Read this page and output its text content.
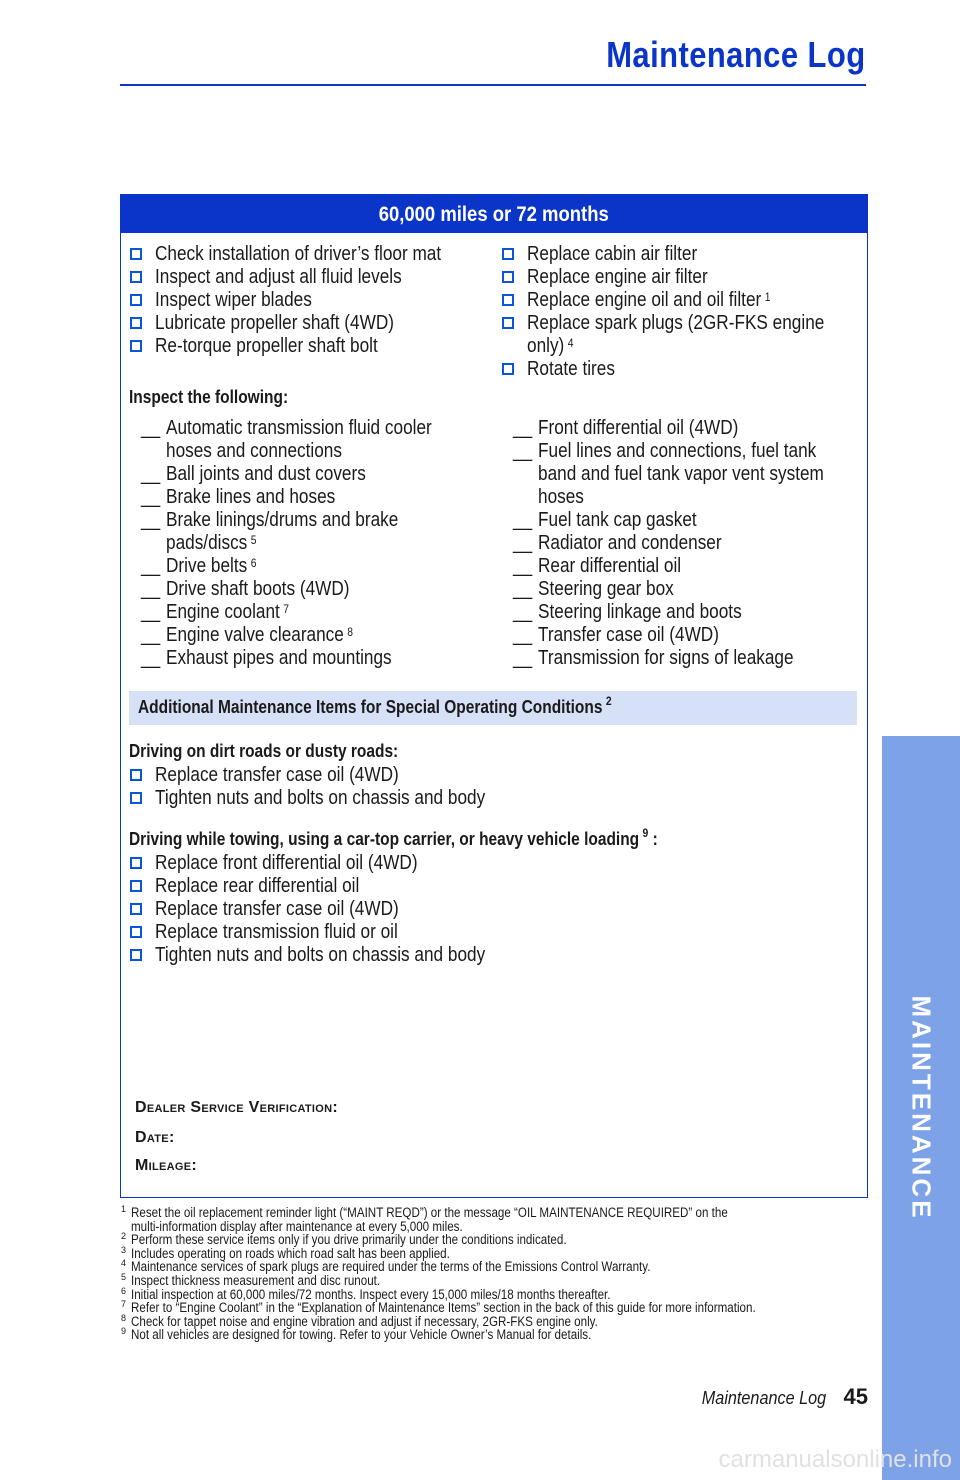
Maintenance Log
60,000 miles or 72 months
Check installation of driver’s floor mat
Inspect and adjust all fluid levels
Inspect wiper blades
Lubricate propeller shaft (4WD)
Re-torque propeller shaft bolt
Replace cabin air filter
Replace engine air filter
Replace engine oil and oil filter $^1$
Replace spark plugs (2GR-FKS engine
only) $^4$
Rotate tires
Inspect the following:
__ Automatic transmission fluid cooler
hoses and connections
__ Ball joints and dust covers
__ Brake lines and hoses
__ Brake linings/drums and brake
pads/discs $^5$
__ Drive belts $^6$
__ Drive shaft boots (4WD)
__ Engine coolant $^7$
__ Engine valve clearance $^8$
__ Exhaust pipes and mountings
__ Front differential oil (4WD)
__ Fuel lines and connections, fuel tank
band and fuel tank vapor vent system
hoses
__ Fuel tank cap gasket
__ Radiator and condenser
__ Rear differential oil
__ Steering gear box
__ Steering linkage and boots
__ Transfer case oil (4WD)
__ Transmission for signs of leakage
Additional Maintenance Items for Special Operating Conditions $^2$
Driving on dirt roads or dusty roads:
Replace transfer case oil (4WD)
Tighten nuts and bolts on chassis and body
Driving while towing, using a car-top carrier, or heavy vehicle loading $^9$ :
Replace front differential oil (4WD)
Replace rear differential oil
Replace transfer case oil (4WD)
Replace transmission fluid or oil
Tighten nuts and bolts on chassis and body
Dealer Service Verification:
Date:
Mileage:
1 Reset the oil replacement reminder light (“MAINT REQD”) or the message “OIL MAINTENANCE REQUIRED” on the
multi-information display after maintenance at every 5,000 miles.
2 Perform these service items only if you drive primarily under the conditions indicated.
3 Includes operating on roads which road salt has been applied.
4 Maintenance services of spark plugs are required under the terms of the Emissions Control Warranty.
5 Inspect thickness measurement and disc runout.
6 Initial inspection at 60,000 miles/72 months. Inspect every 15,000 miles/18 months thereafter.
7 Refer to “Engine Coolant” in the “Explanation of Maintenance Items” section in the back of this guide for more information.
8 Check for tappet noise and engine vibration and adjust if necessary, 2GR-FKS engine only.
9 Not all vehicles are designed for towing. Refer to your Vehicle Owner’s Manual for details.
MAINTENANCE
Maintenance Log 45
carmanualsonline.info
